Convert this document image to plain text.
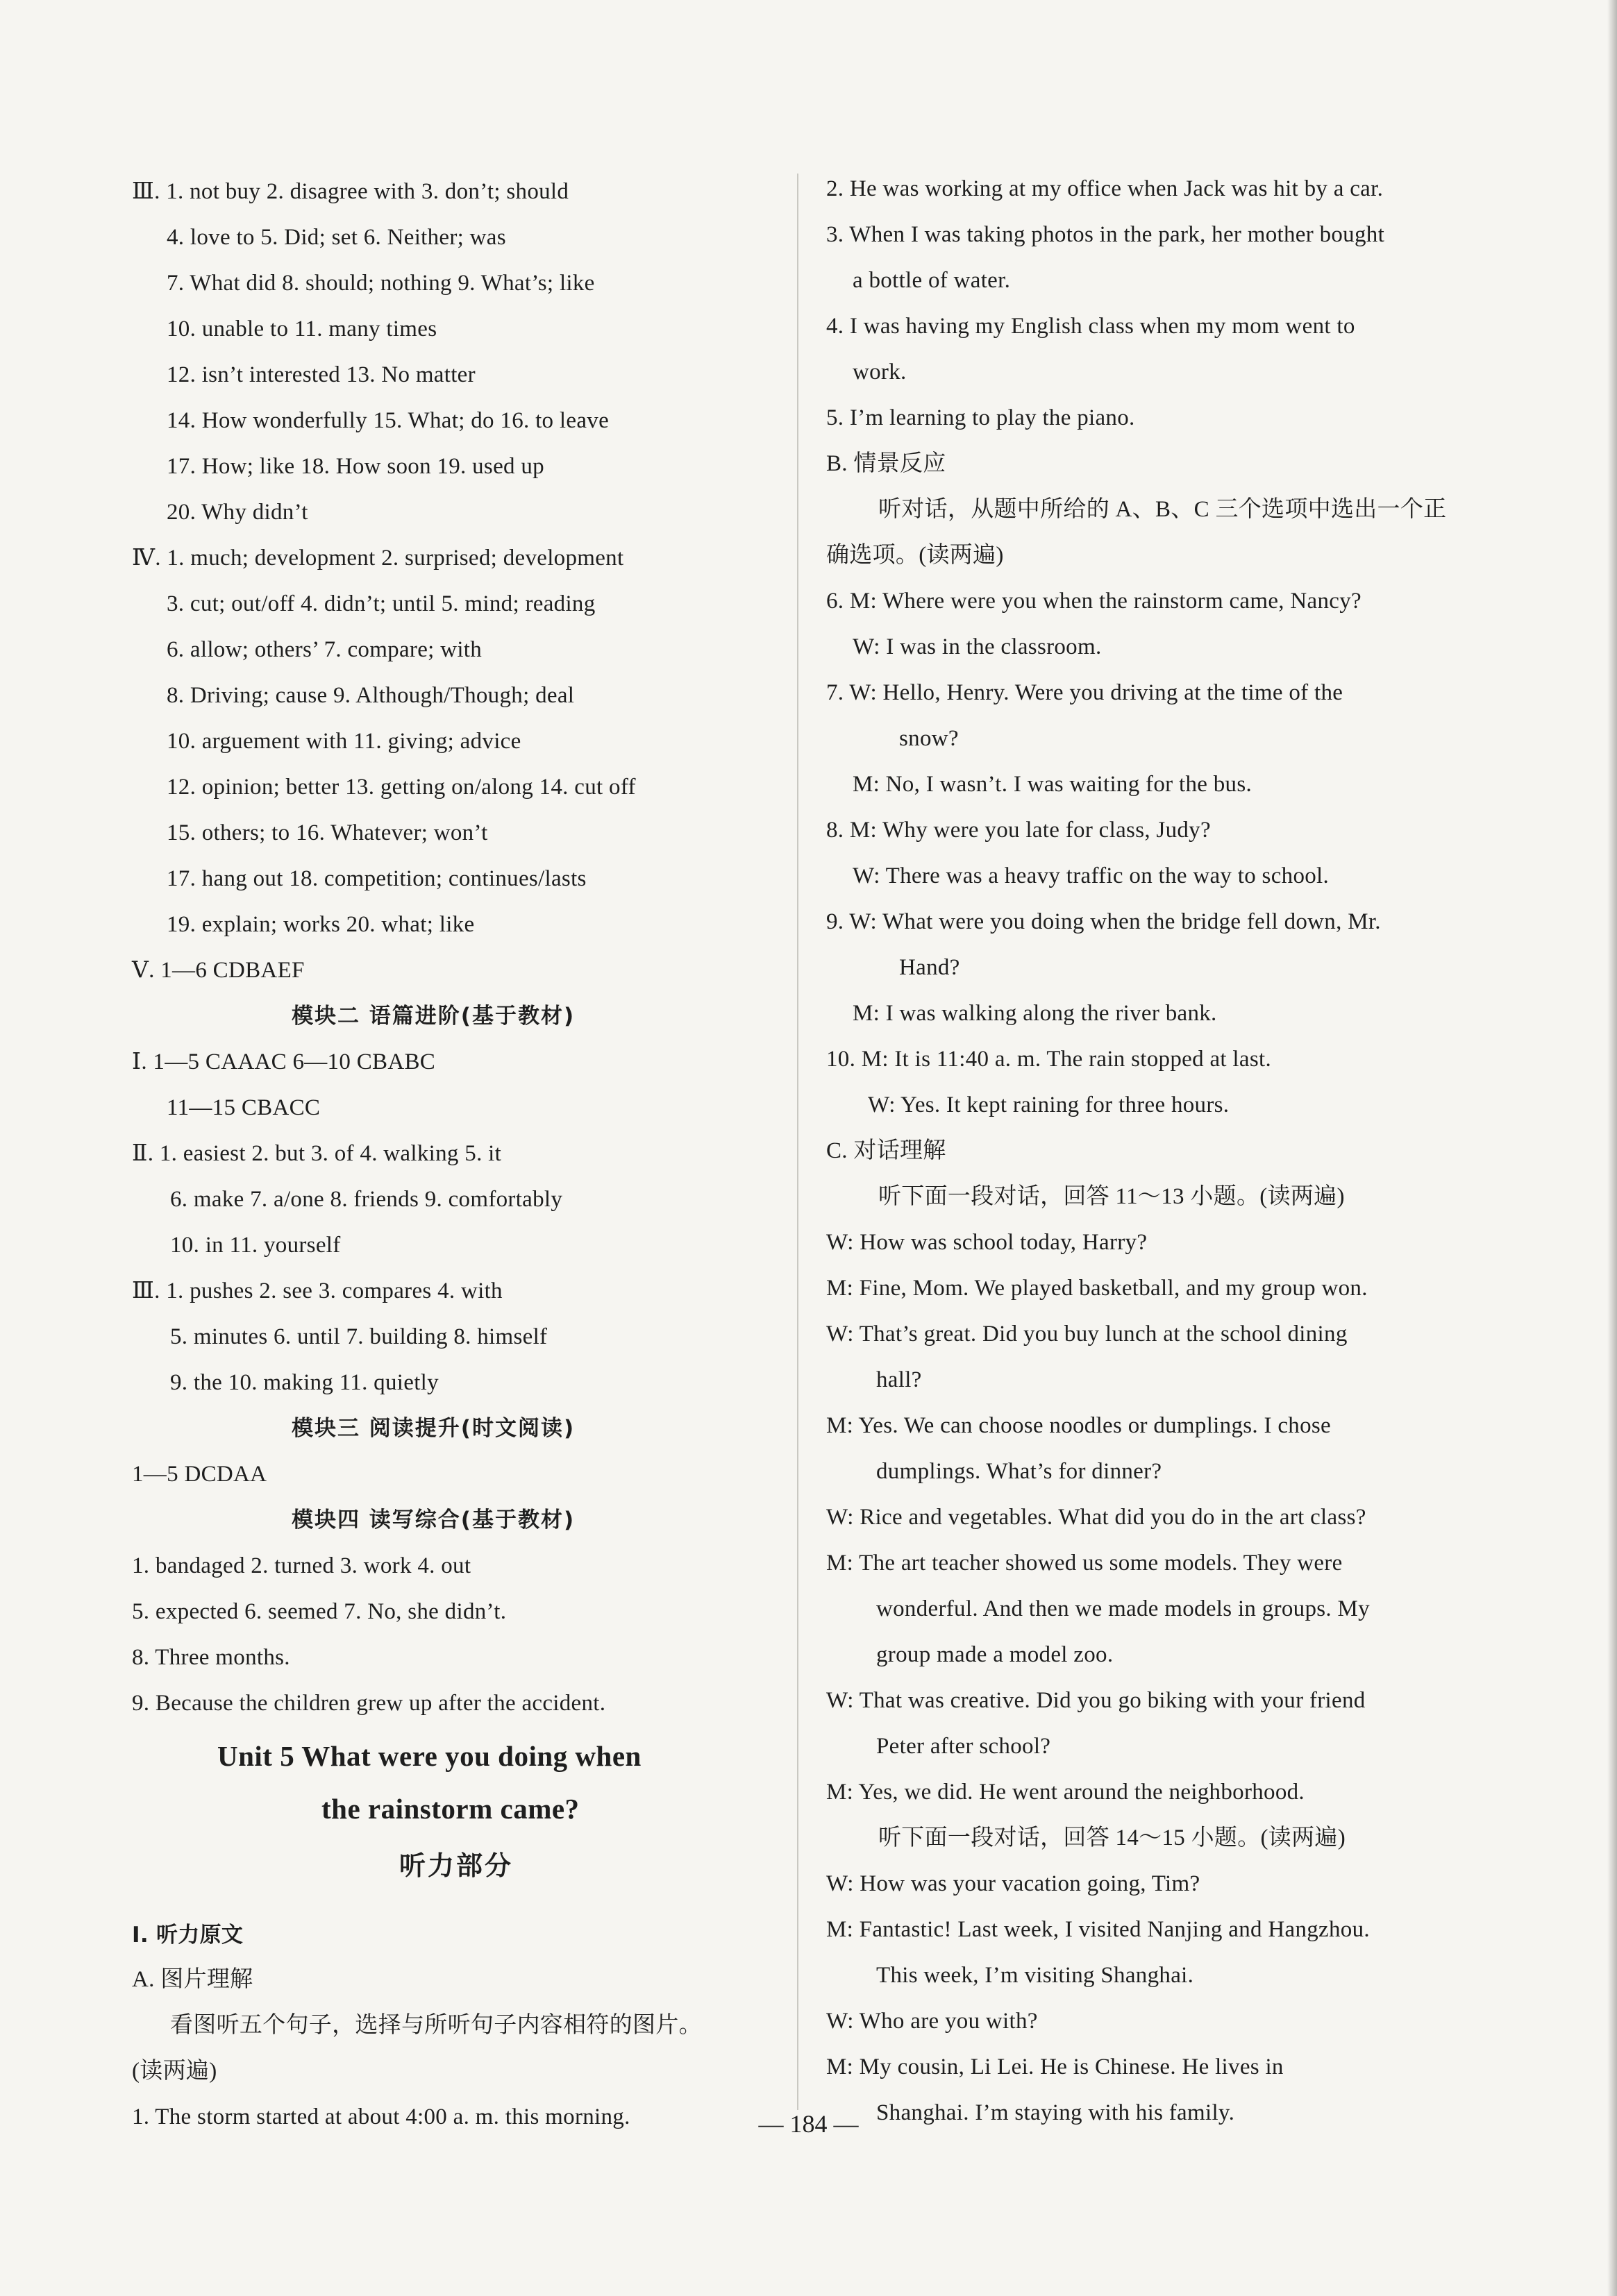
Ⅲ. 1. not buy 2. disagree with 3. don’t; should
4. love to 5. Did; set 6. Neither; was
7. What did 8. should; nothing 9. What’s; like
10. unable to 11. many times
12. isn’t interested 13. No matter
14. How wonderfully 15. What; do 16. to leave
17. How; like 18. How soon 19. used up
20. Why didn’t
Ⅳ. 1. much; development 2. surprised; development
3. cut; out/off 4. didn’t; until 5. mind; reading
6. allow; others’ 7. compare; with
8. Driving; cause 9. Although/Though; deal
10. arguement with 11. giving; advice
12. opinion; better 13. getting on/along 14. cut off
15. others; to 16. Whatever; won’t
17. hang out 18. competition; continues/lasts
19. explain; works 20. what; like
Ⅴ. 1—6 CDBAEF
模块二 语篇进阶(基于教材)
Ⅰ. 1—5 CAAAC 6—10 CBABC
11—15 CBACC
Ⅱ. 1. easiest 2. but 3. of 4. walking 5. it
6. make 7. a/one 8. friends 9. comfortably
10. in 11. yourself
Ⅲ. 1. pushes 2. see 3. compares 4. with
5. minutes 6. until 7. building 8. himself
9. the 10. making 11. quietly
模块三 阅读提升(时文阅读)
1—5 DCDAA
模块四 读写综合(基于教材)
1. bandaged 2. turned 3. work 4. out
5. expected 6. seemed 7. No, she didn’t.
8. Three months.
9. Because the children grew up after the accident.
Unit 5 What were you doing when
the rainstorm came?
听力部分
Ⅰ. 听力原文
A. 图片理解
看图听五个句子，选择与所听句子内容相符的图片。
(读两遍)
1. The storm started at about 4:00 a. m. this morning.
2. He was working at my office when Jack was hit by a car.
3. When I was taking photos in the park, her mother bought
a bottle of water.
4. I was having my English class when my mom went to
work.
5. I’m learning to play the piano.
B. 情景反应
听对话，从题中所给的 A、B、C 三个选项中选出一个正
确选项。(读两遍)
6. M: Where were you when the rainstorm came, Nancy?
W: I was in the classroom.
7. W: Hello, Henry. Were you driving at the time of the
snow?
M: No, I wasn’t. I was waiting for the bus.
8. M: Why were you late for class, Judy?
W: There was a heavy traffic on the way to school.
9. W: What were you doing when the bridge fell down, Mr.
Hand?
M: I was walking along the river bank.
10. M: It is 11:40 a. m. The rain stopped at last.
W: Yes. It kept raining for three hours.
C. 对话理解
听下面一段对话，回答 11～13 小题。(读两遍)
W: How was school today, Harry?
M: Fine, Mom. We played basketball, and my group won.
W: That’s great. Did you buy lunch at the school dining
hall?
M: Yes. We can choose noodles or dumplings. I chose
dumplings. What’s for dinner?
W: Rice and vegetables. What did you do in the art class?
M: The art teacher showed us some models. They were
wonderful. And then we made models in groups. My
group made a model zoo.
W: That was creative. Did you go biking with your friend
Peter after school?
M: Yes, we did. He went around the neighborhood.
听下面一段对话，回答 14～15 小题。(读两遍)
W: How was your vacation going, Tim?
M: Fantastic! Last week, I visited Nanjing and Hangzhou.
This week, I’m visiting Shanghai.
W: Who are you with?
M: My cousin, Li Lei. He is Chinese. He lives in
Shanghai. I’m staying with his family.
— 184 —
